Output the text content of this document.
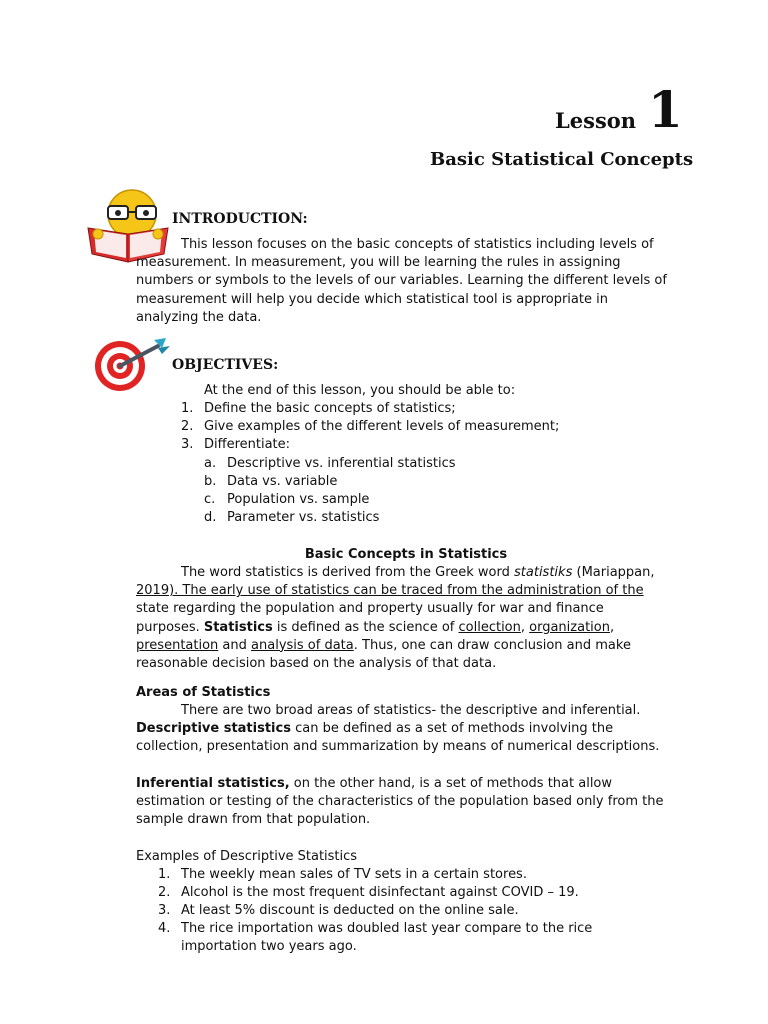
Lesson 1
Basic Statistical Concepts
INTRODUCTION:
This lesson focuses on the basic concepts of statistics including levels of
measurement. In measurement, you will be learning the rules in assigning
numbers or symbols to the levels of our variables. Learning the different levels of
measurement will help you decide which statistical tool is appropriate in
analyzing the data.
OBJECTIVES:
At the end of this lesson, you should be able to:
1. Define the basic concepts of statistics;
2. Give examples of the different levels of measurement;
3. Differentiate:
a. Descriptive vs. inferential statistics
b. Data vs. variable
c. Population vs. sample
d. Parameter vs. statistics
Basic Concepts in Statistics
The word statistics is derived from the Greek word statistiks (Mariappan,
2019). The early use of statistics can be traced from the administration of the
state regarding the population and property usually for war and finance
purposes. Statistics is defined as the science of collection, organization,
presentation and analysis of data. Thus, one can draw conclusion and make
reasonable decision based on the analysis of that data.
Areas of Statistics
There are two broad areas of statistics- the descriptive and inferential.
Descriptive statistics can be defined as a set of methods involving the
collection, presentation and summarization by means of numerical descriptions.
Inferential statistics, on the other hand, is a set of methods that allow
estimation or testing of the characteristics of the population based only from the
sample drawn from that population.
Examples of Descriptive Statistics
1. The weekly mean sales of TV sets in a certain stores.
2. Alcohol is the most frequent disinfectant against COVID – 19.
3. At least 5% discount is deducted on the online sale.
4. The rice importation was doubled last year compare to the rice
importation two years ago.
